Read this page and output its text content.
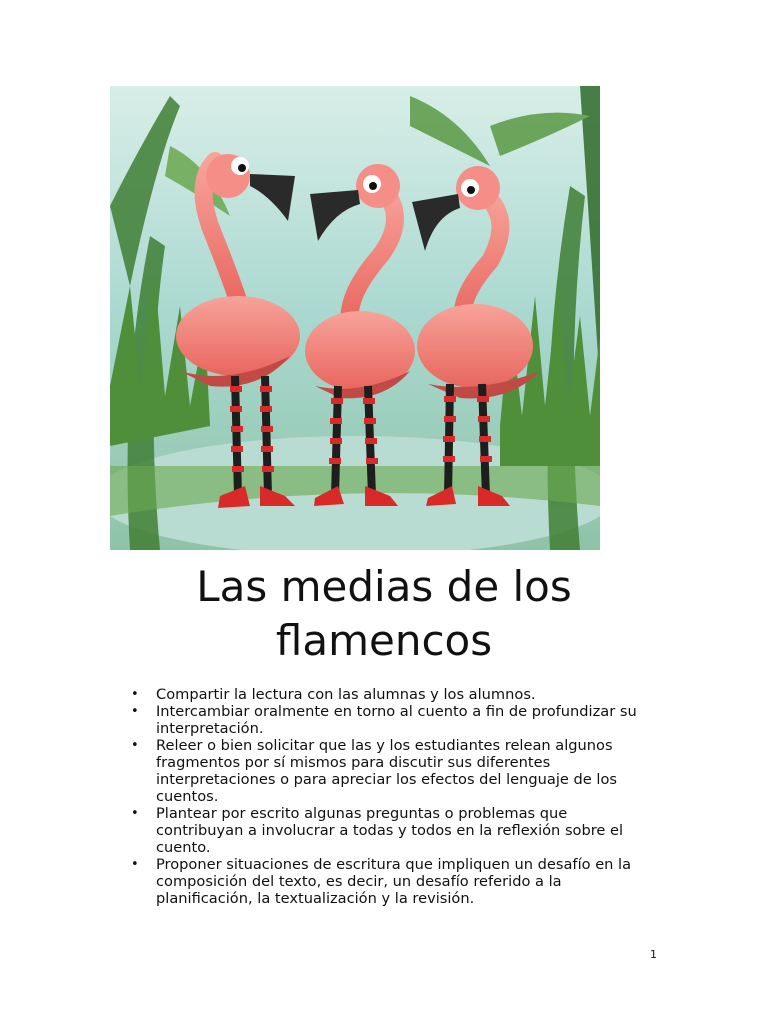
Las medias de los
flamencos
• Compartir la lectura con las alumnas y los alumnos.
• Intercambiar oralmente en torno al cuento a fin de profundizar su interpretación.
• Releer o bien solicitar que las y los estudiantes relean algunos fragmentos por sí mismos para discutir sus diferentes interpretaciones o para apreciar los efectos del lenguaje de los cuentos.
• Plantear por escrito algunas preguntas o problemas que contribuyan a involucrar a todas y todos en la reflexión sobre el cuento.
• Proponer situaciones de escritura que impliquen un desafío en la composición del texto, es decir, un desafío referido a la planificación, la textualización y la revisión.
1
